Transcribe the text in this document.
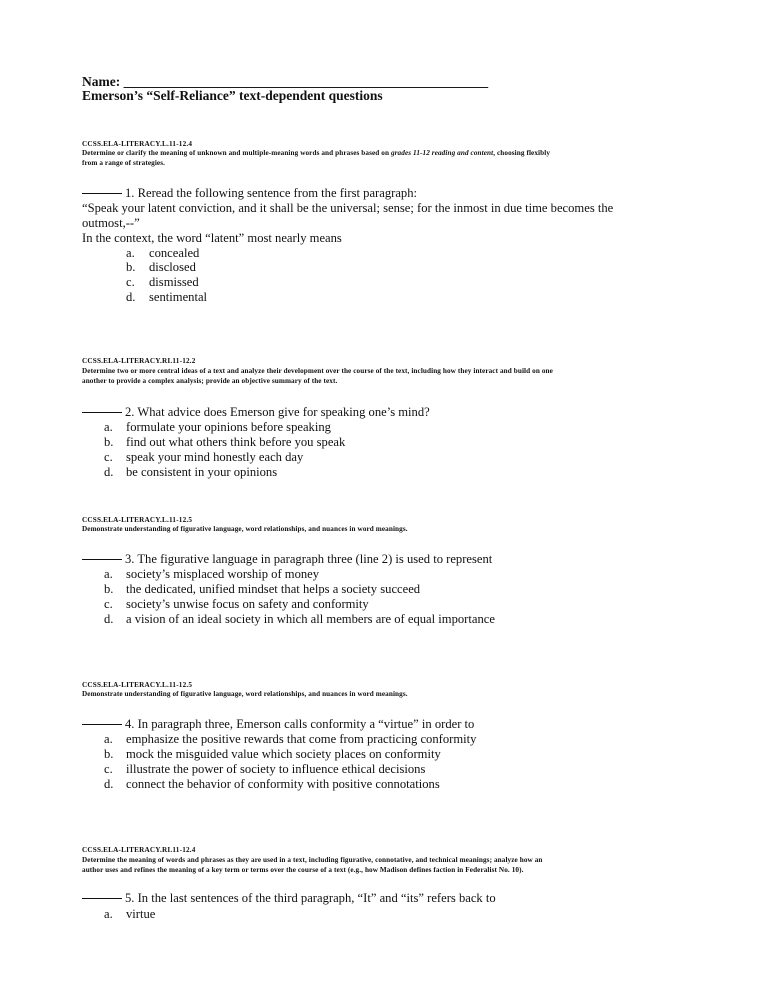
Name: ______________________________________________________
Emerson’s “Self-Reliance” text-dependent questions
CCSS.ELA-LITERACY.L.11-12.4
Determine or clarify the meaning of unknown and multiple-meaning words and phrases based on grades 11-12 reading and content, choosing flexibly
from a range of strategies.
1. Reread the following sentence from the first paragraph:
“Speak your latent conviction, and it shall be the universal; sense; for the inmost in due time becomes the
outmost,--”
In the context, the word “latent” most nearly means
a. concealed
b. disclosed
c. dismissed
d. sentimental
CCSS.ELA-LITERACY.RI.11-12.2
Determine two or more central ideas of a text and analyze their development over the course of the text, including how they interact and build on one
another to provide a complex analysis; provide an objective summary of the text.
2. What advice does Emerson give for speaking one’s mind?
a. formulate your opinions before speaking
b. find out what others think before you speak
c. speak your mind honestly each day
d. be consistent in your opinions
CCSS.ELA-LITERACY.L.11-12.5
Demonstrate understanding of figurative language, word relationships, and nuances in word meanings.
3. The figurative language in paragraph three (line 2) is used to represent
a. society’s misplaced worship of money
b. the dedicated, unified mindset that helps a society succeed
c. society’s unwise focus on safety and conformity
d. a vision of an ideal society in which all members are of equal importance
CCSS.ELA-LITERACY.L.11-12.5
Demonstrate understanding of figurative language, word relationships, and nuances in word meanings.
4. In paragraph three, Emerson calls conformity a “virtue” in order to
a. emphasize the positive rewards that come from practicing conformity
b. mock the misguided value which society places on conformity
c. illustrate the power of society to influence ethical decisions
d. connect the behavior of conformity with positive connotations
CCSS.ELA-LITERACY.RI.11-12.4
Determine the meaning of words and phrases as they are used in a text, including figurative, connotative, and technical meanings; analyze how an
author uses and refines the meaning of a key term or terms over the course of a text (e.g., how Madison defines faction in Federalist No. 10).
5. In the last sentences of the third paragraph, “It” and “its” refers back to
a. virtue
